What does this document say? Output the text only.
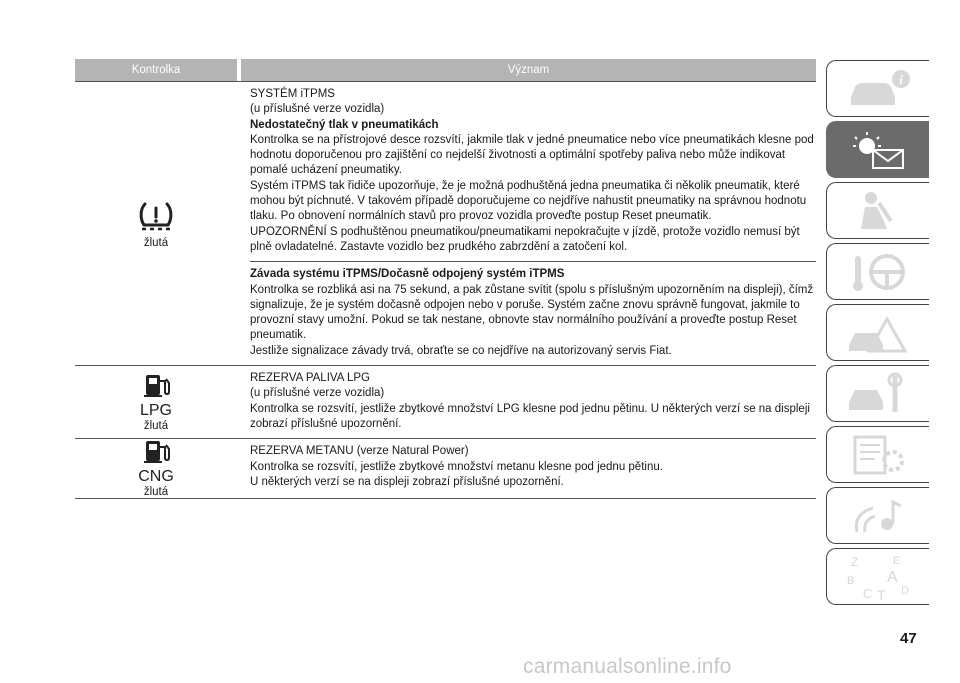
Kontrolka	Význam
žlutá
SYSTÉM iTPMS
(u příslušné verze vozidla)
Nedostatečný tlak v pneumatikách
Kontrolka se na přístrojové desce rozsvítí, jakmile tlak v jedné pneumatice nebo více pneumatikách klesne pod hodnotu doporučenou pro zajištění co nejdelší životnosti a optimální spotřeby paliva nebo může indikovat pomalé ucházení pneumatiky.
Systém iTPMS tak řidiče upozorňuje, že je možná podhuštěná jedna pneumatika či několik pneumatik, které mohou být píchnuté. V takovém případě doporučujeme co nejdříve nahustit pneumatiky na správnou hodnotu tlaku. Po obnovení normálních stavů pro provoz vozidla proveďte postup Reset pneumatik.
UPOZORNĚNÍ S podhuštěnou pneumatikou/pneumatikami nepokračujte v jízdě, protože vozidlo nemusí být plně ovladatelné. Zastavte vozidlo bez prudkého zabrzdění a zatočení kol.
Závada systému iTPMS/Dočasně odpojený systém iTPMS
Kontrolka se rozbliká asi na 75 sekund, a pak zůstane svítit (spolu s příslušným upozorněním na displeji), čímž signalizuje, že je systém dočasně odpojen nebo v poruše. Systém začne znovu správně fungovat, jakmile to provozní stavy umožní. Pokud se tak nestane, obnovte stav normálního používání a proveďte postup Reset pneumatik.
Jestliže signalizace závady trvá, obraťte se co nejdříve na autorizovaný servis Fiat.
LPG
žlutá
REZERVA PALIVA LPG
(u příslušné verze vozidla)
Kontrolka se rozsvítí, jestliže zbytkové množství LPG klesne pod jednu pětinu. U některých verzí se na displeji zobrazí příslušné upozornění.
CNG
žlutá
REZERVA METANU (verze Natural Power)
Kontrolka se rozsvítí, jestliže zbytkové množství metanu klesne pod jednu pětinu.
U některých verzí se na displeji zobrazí příslušné upozornění.
i
Z	E
A
B
C T D
47
carmanualsonline.info
